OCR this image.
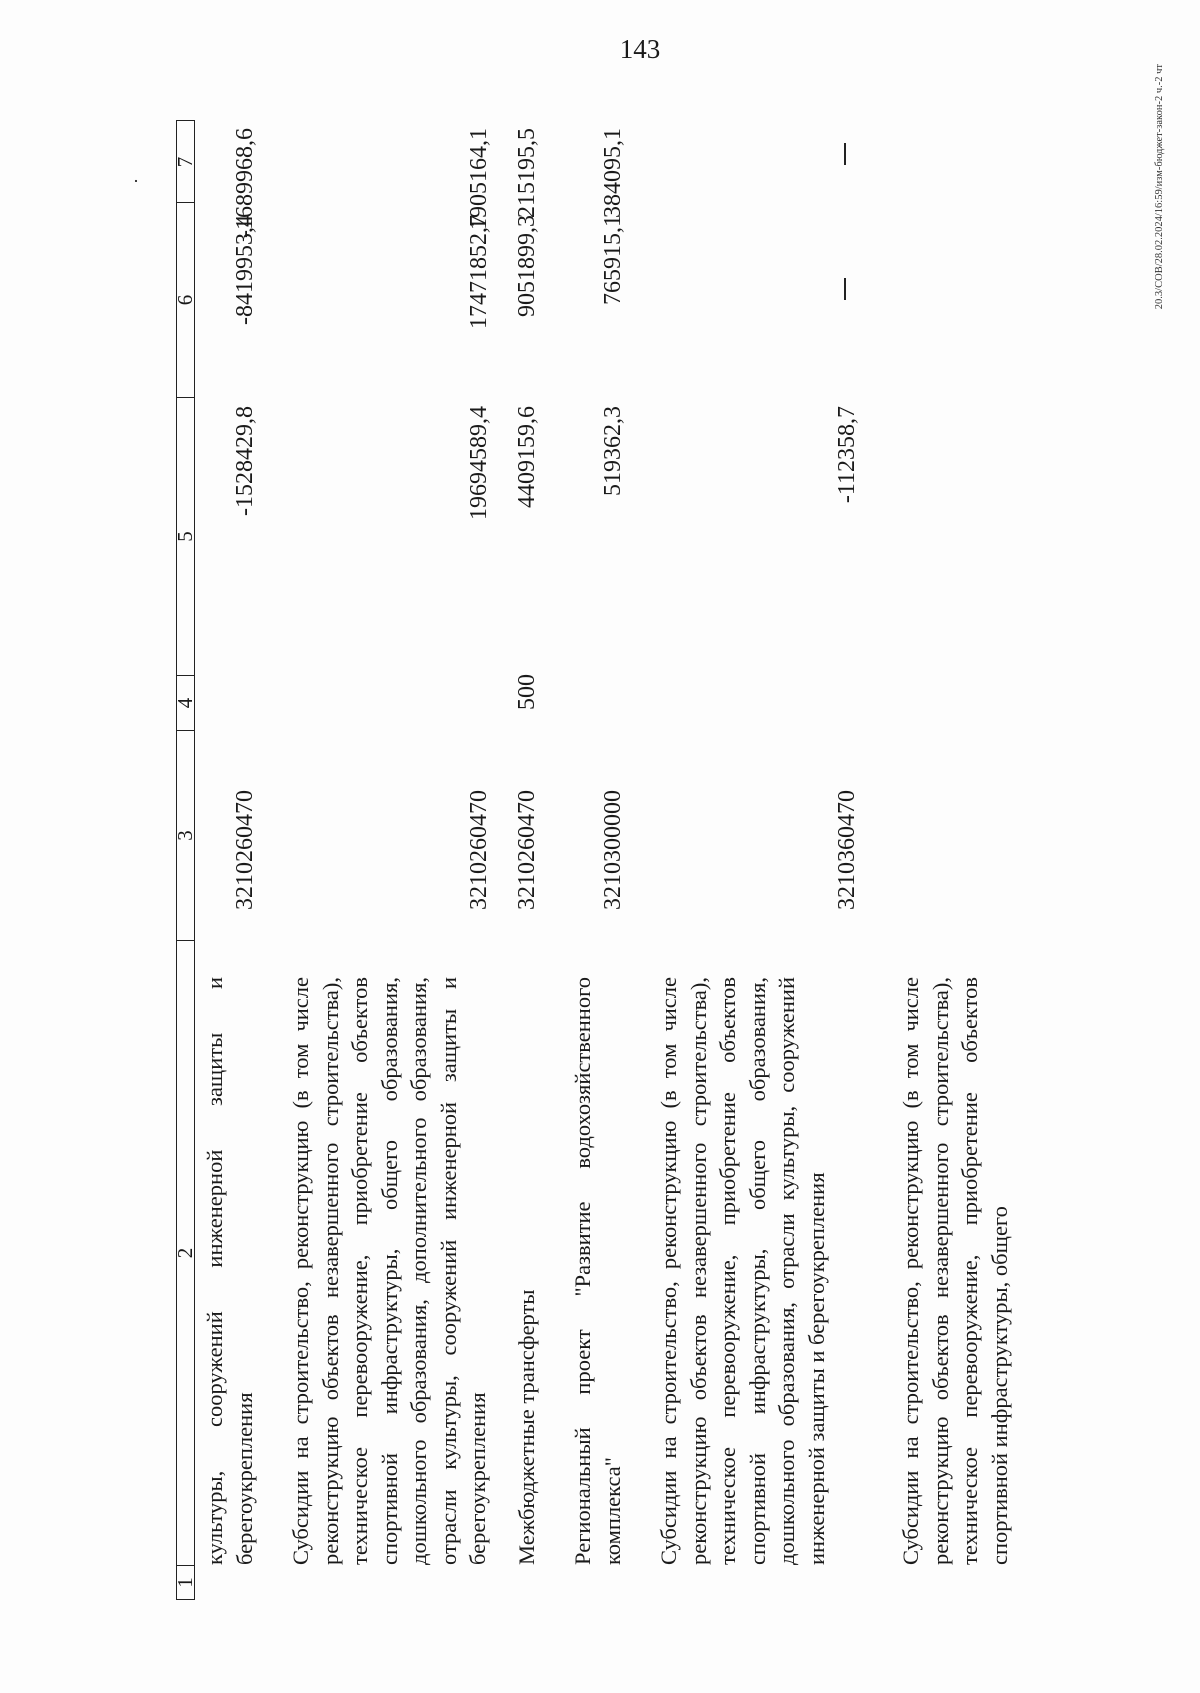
143
·	20.3/СОВ/28.02.2024/16:59/изм-бюджет-закон-2 ч.-2 чт
1
2
3
4
5
6
7
культуры, сооружений инженерной защиты и берегоукрепления
3210260470
-1528429,8
-8419953,4
-1689968,6
Субсидии на строительство, реконструкцию (в том числе реконструкцию объектов незавершенного строительства), техническое перевооружение, приобретение объектов спортивной инфраструктуры, общего образования, дошкольного образования, дополнительного образования, отрасли культуры, сооружений инженерной защиты и берегоукрепления
3210260470
19694589,4
17471852,7
1905164,1
Межбюджетные трансферты
3210260470
500
4409159,6
9051899,3
215195,5
Региональный проект "Развитие водохозяйственного комплекса"
3210300000
519362,3
765915,1
384095,1
Субсидии на строительство, реконструкцию (в том числе реконструкцию объектов незавершенного строительства), техническое перевооружение, приобретение объектов спортивной инфраструктуры, общего образования, дошкольного образования, отрасли культуры, сооружений инженерной защиты и берегоукрепления
3210360470
-112358,7
Субсидии на строительство, реконструкцию (в том числе реконструкцию объектов незавершенного строительства), техническое перевооружение, приобретение объектов спортивной инфраструктуры, общего
